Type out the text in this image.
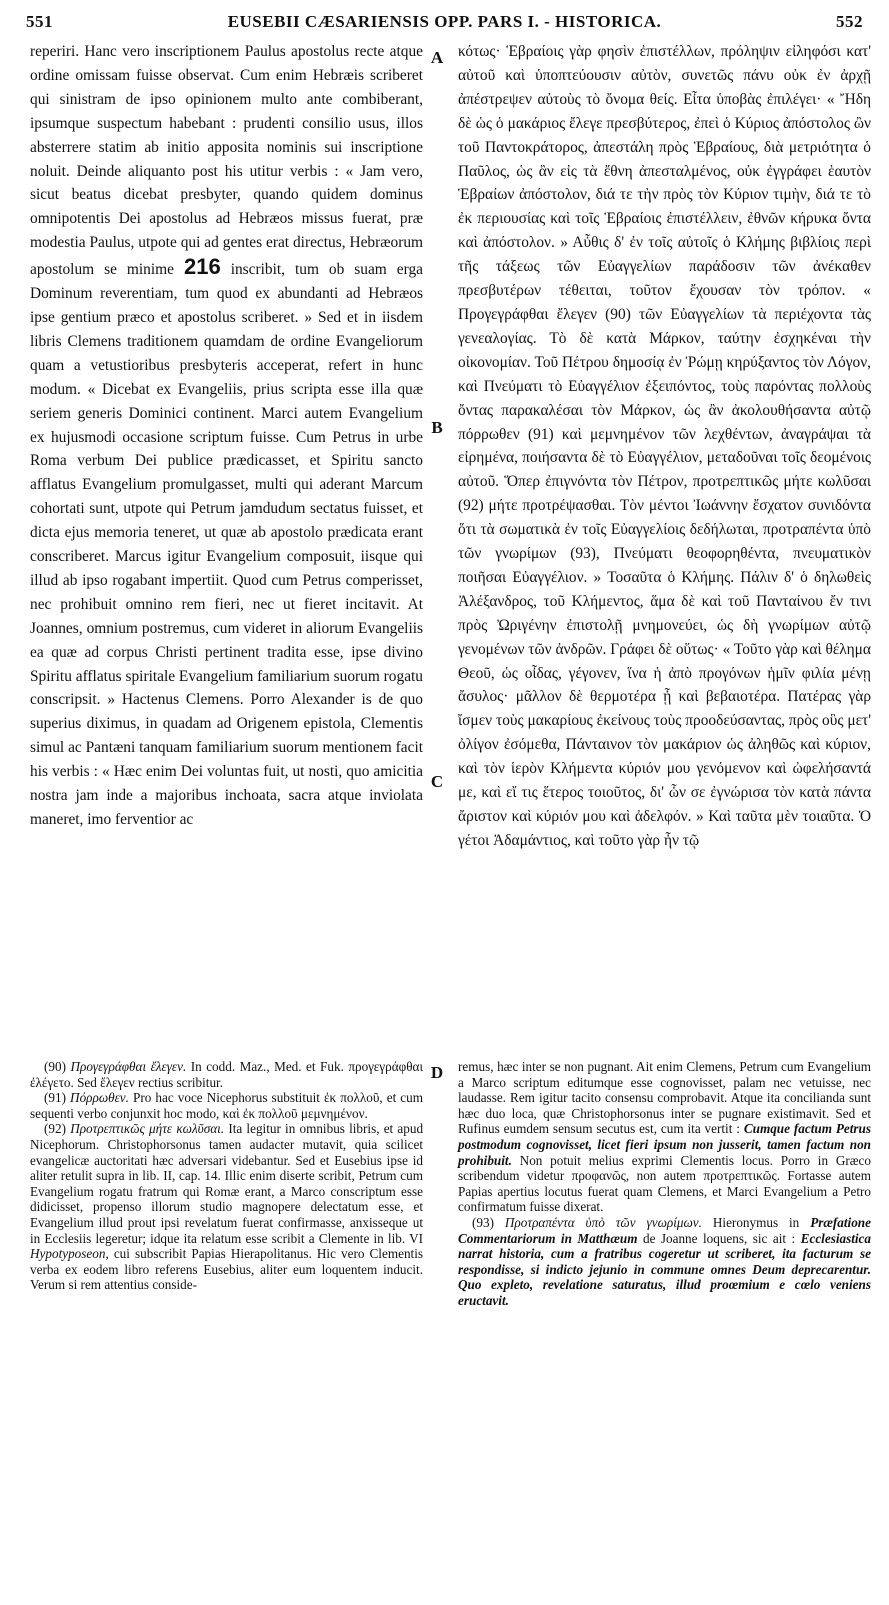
551	EUSEBII CÆSARIENSIS OPP. PARS I. - HISTORICA.	552

reperiri. Hanc vero inscriptionem Paulus apostolus recte atque ordine omissam fuisse observat. Cum enim Hebræis scriberet qui sinistram de ipso opinionem multo ante combiberant, ipsumque suspectum habebant : prudenti consilio usus, illos absterrere statim ab initio apposita nominis sui inscriptione noluit. Deinde aliquanto post his utitur verbis : « Jam vero, sicut beatus dicebat presbyter, quando quidem dominus omnipotentis Dei apostolus ad Hebræos missus fuerat, præ modestia Paulus, utpote qui ad gentes erat directus, Hebræorum apostolum se minime 216 inscribit, tum ob suam erga Dominum reverentiam, tum quod ex abundanti ad Hebræos ipse gentium præco et apostolus scriberet. » Sed et in iisdem libris Clemens traditionem quamdam de ordine Evangeliorum quam a vetustioribus presbyteris acceperat, refert in hunc modum. « Dicebat ex Evangeliis, prius scripta esse illa quæ seriem generis Dominici continent. Marci autem Evangelium ex hujusmodi occasione scriptum fuisse. Cum Petrus in urbe Roma verbum Dei publice prædicasset, et Spiritu sancto afflatus Evangelium promulgasset, multi qui aderant Marcum cohortati sunt, utpote qui Petrum jamdudum sectatus fuisset, et dicta ejus memoria teneret, ut quæ ab apostolo prædicata erant conscriberet. Marcus igitur Evangelium composuit, iisque qui illud ab ipso rogabant impertiit. Quod cum Petrus comperisset, nec prohibuit omnino rem fieri, nec ut fieret incitavit. At Joannes, omnium postremus, cum videret in aliorum Evangeliis ea quæ ad corpus Christi pertinent tradita esse, ipse divino Spiritu afflatus spiritale Evangelium familiarium suorum rogatu conscripsit. » Hactenus Clemens. Porro Alexander is de quo superius diximus, in quadam ad Origenem epistola, Clementis simul ac Pantæni tanquam familiarium suorum mentionem facit his verbis : « Hæc enim Dei voluntas fuit, ut nosti, quo amicitia nostra jam inde a majoribus inchoata, sacra atque inviolata maneret, imo ferventior ac

κότως· Ἑβραίοις γὰρ φησὶν ἐπιστέλλων, πρόληψιν εἰληφόσι κατ' αὐτοῦ καὶ ὑποπτεύουσιν αὐτὸν, συνετῶς πάνυ οὐκ ἐν ἀρχῇ ἀπέστρεψεν αὐτοὺς τὸ ὄνομα θείς. Εἶτα ὑποβὰς ἐπιλέγει· « Ἤδη δὲ ὡς ὁ μακάριος ἔλεγε πρεσβύτερος, ἐπεὶ ὁ Κύριος ἀπόστολος ὢν τοῦ Παντοκράτορος, ἀπεστάλη πρὸς Ἑβραίους, διὰ μετριότητα ὁ Παῦλος, ὡς ἂν εἰς τὰ ἔθνη ἀπεσταλμένος, οὐκ ἐγγράφει ἑαυτὸν Ἑβραίων ἀπόστολον, διά τε τὴν πρὸς τὸν Κύριον τιμὴν, διά τε τὸ ἐκ περιουσίας καὶ τοῖς Ἑβραίοις ἐπιστέλλειν, ἐθνῶν κήρυκα ὄντα καὶ ἀπόστολον. » Αὖθις δ' ἐν τοῖς αὐτοῖς ὁ Κλήμης βιβλίοις περὶ τῆς τάξεως τῶν Εὐαγγελίων παράδοσιν τῶν ἀνέκαθεν πρεσβυτέρων τέθειται, τοῦτον ἔχουσαν τὸν τρόπον. « Προγεγράφθαι ἔλεγεν (90) τῶν Εὐαγγελίων τὰ περιέχοντα τὰς γενεαλογίας. Τὸ δὲ κατὰ Μάρκον, ταύτην ἐσχηκέναι τὴν οἰκονομίαν. Τοῦ Πέτρου δημοσίᾳ ἐν Ῥώμῃ κηρύξαντος τὸν Λόγον, καὶ Πνεύματι τὸ Εὐαγγέλιον ἐξειπόντος, τοὺς παρόντας πολλοὺς ὄντας παρακαλέσαι τὸν Μάρκον, ὡς ἂν ἀκολουθήσαντα αὐτῷ πόρρωθεν (91) καὶ μεμνημένον τῶν λεχθέντων, ἀναγράψαι τὰ εἰρημένα, ποιήσαντα δὲ τὸ Εὐαγγέλιον, μεταδοῦναι τοῖς δεομένοις αὐτοῦ. Ὅπερ ἐπιγνόντα τὸν Πέτρον, προτρεπτικῶς μήτε κωλῦσαι (92) μήτε προτρέψασθαι. Τὸν μέντοι Ἰωάννην ἔσχατον συνιδόντα ὅτι τὰ σωματικὰ ἐν τοῖς Εὐαγγελίοις δεδήλωται, προτραπέντα ὑπὸ τῶν γνωρίμων (93), Πνεύματι θεοφορηθέντα, πνευματικὸν ποιῆσαι Εὐαγγέλιον. » Τοσαῦτα ὁ Κλήμης. Πάλιν δ' ὁ δηλωθεὶς Ἀλέξανδρος, τοῦ Κλήμεντος, ἅμα δὲ καὶ τοῦ Πανταίνου ἔν τινι πρὸς Ὠριγένην ἐπιστολῇ μνημονεύει, ὡς δὴ γνωρίμων αὐτῷ γενομένων τῶν ἀνδρῶν. Γράφει δὲ οὕτως· « Τοῦτο γὰρ καὶ θέλημα Θεοῦ, ὡς οἶδας, γέγονεν, ἵνα ἡ ἀπὸ προγόνων ἡμῖν φιλία μένῃ ἄσυλος· μᾶλλον δὲ θερμοτέρα ᾖ καὶ βεβαιοτέρα. Πατέρας γὰρ ἴσμεν τοὺς μακαρίους ἐκείνους τοὺς προοδεύσαντας, πρὸς οὓς μετ' ὀλίγον ἐσόμεθα, Πάνταινον τὸν μακάριον ὡς ἀληθῶς καὶ κύριον, καὶ τὸν ἱερὸν Κλήμεντα κύριόν μου γενόμενον καὶ ὠφελήσαντά με, καὶ εἴ τις ἕτερος τοιοῦτος, δι' ὧν σε ἐγνώρισα τὸν κατὰ πάντα ἄριστον καὶ κύριόν μου καὶ ἀδελφόν. » Καὶ ταῦτα μὲν τοιαῦτα. Ὁ γέτοι Ἀδαμάντιος, καὶ τοῦτο γὰρ ἦν τῷ

A
B
C
D

(90) Προγεγράφθαι ἔλεγεν. In codd. Maz., Med. et Fuk. προγεγράφθαι ἐλέγετο. Sed ἔλεγεν rectius scribitur.

(91) Πόρρωθεν. Pro hac voce Nicephorus substituit ἐκ πολλοῦ, et cum sequenti verbo conjunxit hoc modo, καὶ ἐκ πολλοῦ μεμνημένον.

(92) Προτρεπτικῶς μήτε κωλῦσαι. Ita legitur in omnibus libris, et apud Nicephorum. Christophorsonus tamen audacter mutavit, quia scilicet evangelicæ auctoritati hæc adversari videbantur. Sed et Eusebius ipse id aliter retulit supra in lib. II, cap. 14. Illic enim diserte scribit, Petrum cum Evangelium rogatu fratrum qui Romæ erant, a Marco conscriptum esse didicisset, propenso illorum studio magnopere delectatum esse, et Evangelium illud prout ipsi revelatum fuerat confirmasse, anxisseque ut in Ecclesiis legeretur; idque ita relatum esse scribit a Clemente in lib. VI Hypotyposeon, cui subscribit Papias Hierapolitanus. Hic vero Clementis verba ex eodem libro referens Eusebius, aliter eum loquentem inducit. Verum si rem attentius conside-

remus, hæc inter se non pugnant. Ait enim Clemens, Petrum cum Evangelium a Marco scriptum editumque esse cognovisset, palam nec vetuisse, nec laudasse. Rem igitur tacito consensu comprobavit. Atque ita concilianda sunt hæc duo loca, quæ Christophorsonus inter se pugnare existimavit. Sed et Rufinus eumdem sensum secutus est, cum ita vertit : Cumque factum Petrus postmodum cognovisset, licet fieri ipsum non jusserit, tamen factum non prohibuit. Non potuit melius exprimi Clementis locus. Porro in Græco scribendum videtur προφανῶς, non autem προτρεπτικῶς. Fortasse autem Papias apertius locutus fuerat quam Clemens, et Marci Evangelium a Petro confirmatum fuisse dixerat.

(93) Προτραπέντα ὑπὸ τῶν γνωρίμων. Hieronymus in Præfatione Commentariorum in Matthæum de Joanne loquens, sic ait : Ecclesiastica narrat historia, cum a fratribus cogeretur ut scriberet, ita facturum se respondisse, si indicto jejunio in commune omnes Deum deprecarentur. Quo expleto, revelatione saturatus, illud proœmium e cœlo veniens eructavit.
